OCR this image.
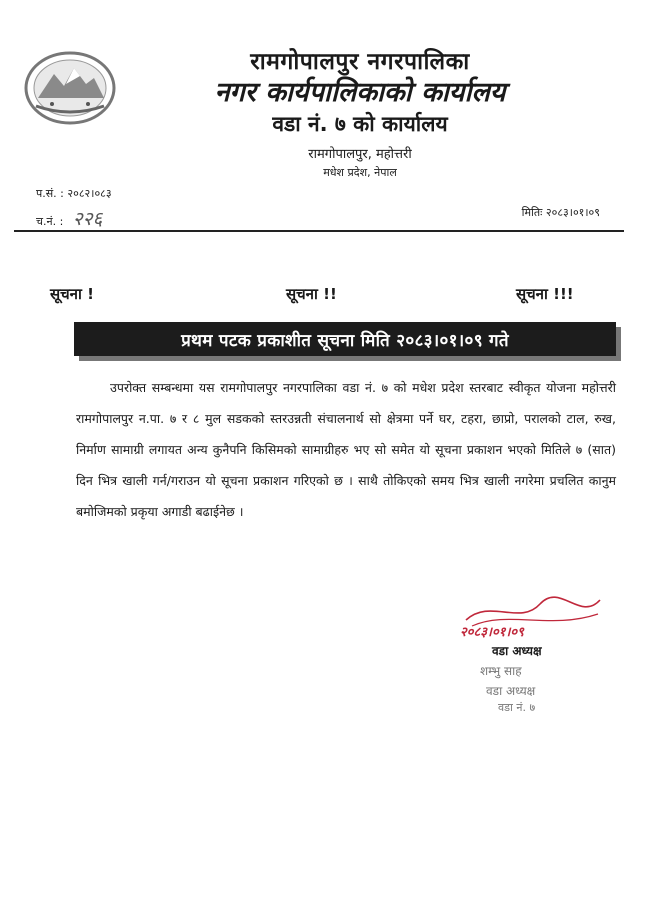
रामगोपालपुर नगरपालिका
नगर कार्यपालिकाको कार्यालय
वडा नं. ७ को कार्यालय
रामगोपालपुर, महोत्तरी
मधेश प्रदेश, नेपाल
प.सं. : २०८२।०८३
च.नं. : २२६	मितिः २०८३।०१।०९
सूचना !	सूचना !!	सूचना !!!
प्रथम पटक प्रकाशीत सूचना मिति २०८३।०१।०९ गते
उपरोक्त सम्बन्धमा यस रामगोपालपुर नगरपालिका वडा नं. ७ को मधेश प्रदेश स्तरबाट स्वीकृत योजना महोत्तरी रामगोपालपुर न.पा. ७ र ८ मुल सडकको स्तरउन्नती संचालनार्थ सो क्षेत्रमा पर्ने घर, टहरा, छाप्रो, परालको टाल, रुख, निर्माण सामाग्री लगायत अन्य कुनैपनि किसिमको सामाग्रीहरु भए सो समेत यो सूचना प्रकाशन भएको मितिले ७ (सात) दिन भित्र खाली गर्न/गराउन यो सूचना प्रकाशन गरिएको छ । साथै तोकिएको समय भित्र खाली नगरेमा प्रचलित कानुम बमोजिमको प्रकृया अगाडी बढाईनेछ ।
२०८३।०१।०९
वडा अध्यक्ष
शम्भु साह
वडा अध्यक्ष
वडा नं. ७
